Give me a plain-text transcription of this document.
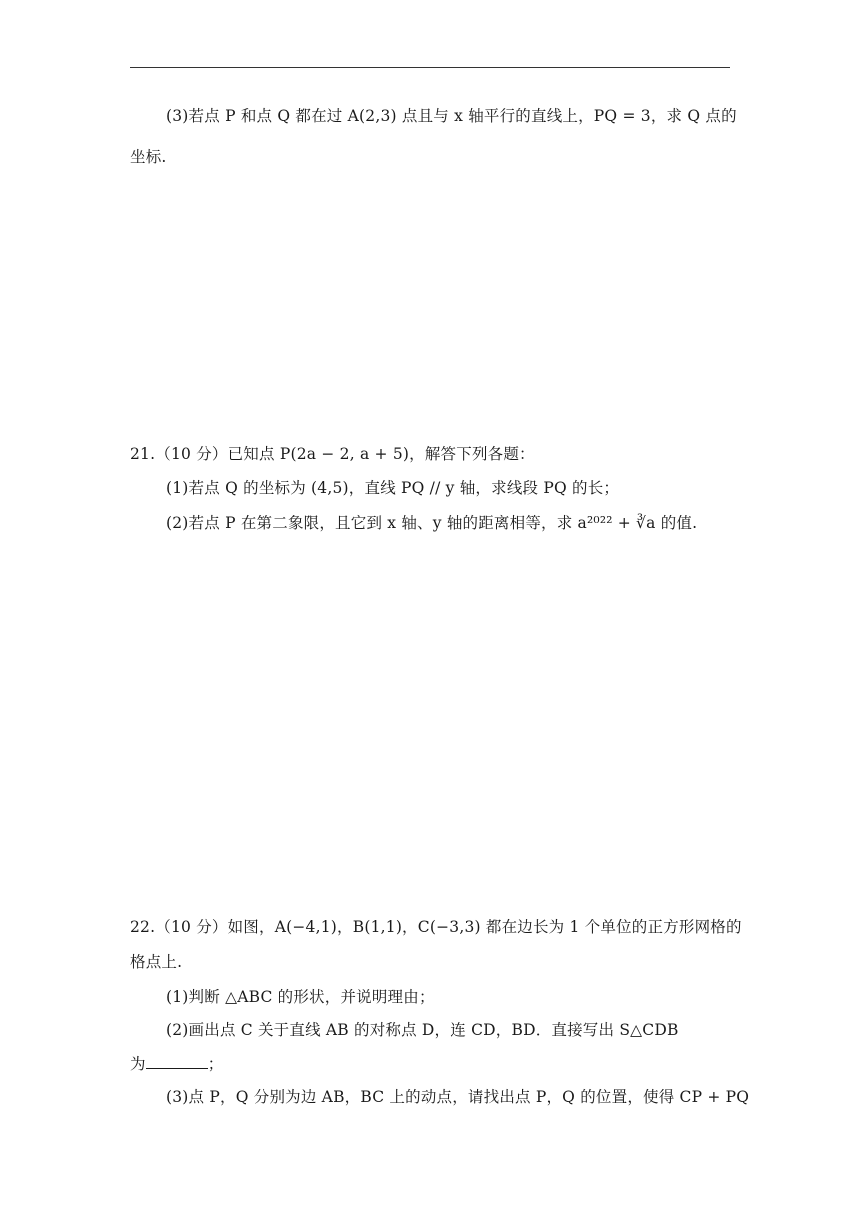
(3)若点 P 和点 Q 都在过 A(2,3) 点且与 x 轴平行的直线上，PQ = 3，求 Q 点的
坐标.
21.（10 分）已知点 P(2a − 2, a + 5)，解答下列各题：
(1)若点 Q 的坐标为 (4,5)，直线 PQ // y 轴，求线段 PQ 的长；
(2)若点 P 在第二象限，且它到 x 轴、y 轴的距离相等，求 a²⁰²² + ∛a 的值.
22.（10 分）如图，A(−4,1)，B(1,1)，C(−3,3) 都在边长为 1 个单位的正方形网格的
格点上.
(1)判断 △ABC 的形状，并说明理由；
(2)画出点 C 关于直线 AB 的对称点 D，连 CD，BD．直接写出 S△CDB
为	；
(3)点 P，Q 分别为边 AB，BC 上的动点，请找出点 P，Q 的位置，使得 CP + PQ
